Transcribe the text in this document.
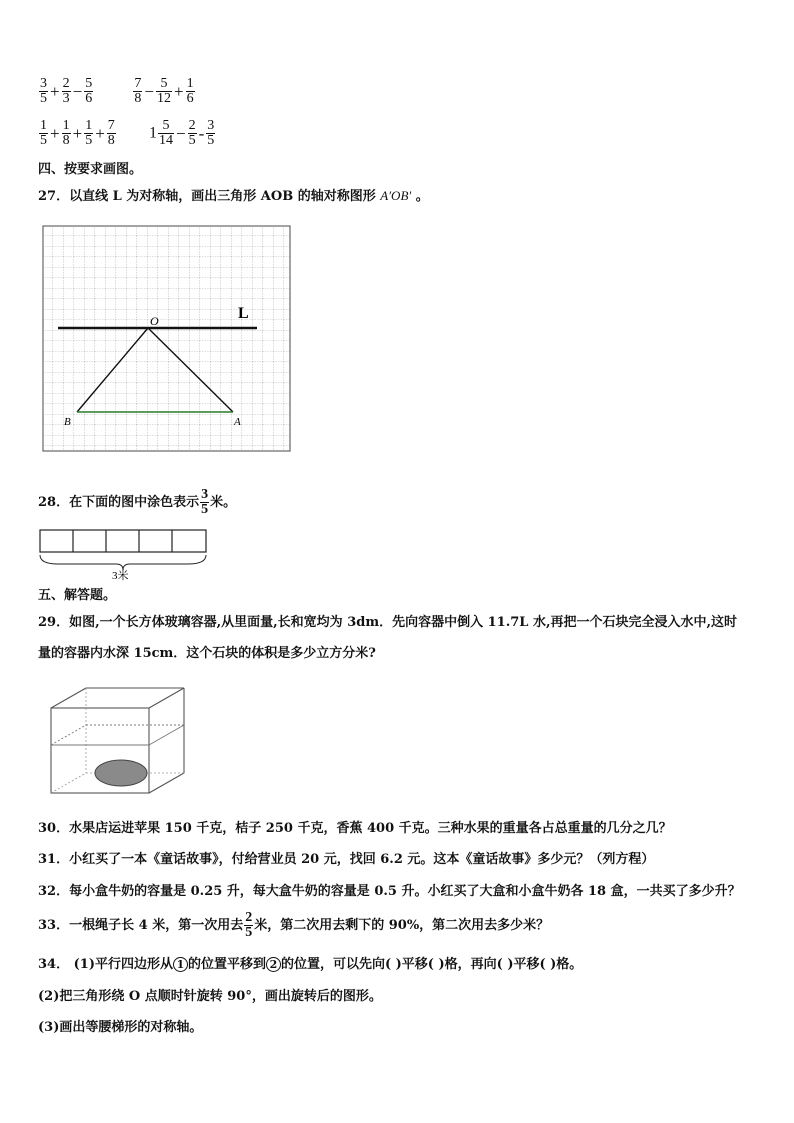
$\frac{3}{5} + \frac{2}{3} - \frac{5}{6}$
	$\frac{7}{8} - \frac{5}{12} + \frac{1}{6}$
$\frac{1}{5} + \frac{1}{8} + \frac{1}{5} + \frac{7}{8} 1 \frac{5}{14} - \frac{2}{5} - \frac{3}{5}$
四、按要求画图。
27．以直线 L 为对称轴，画出三角形 AOB 的轴对称图形 A′OB′ 。
L
O
B	A
28．在下面的图中涂色表示 $\frac{3}{5}$ 米。
3米
五、解答题。
29．如图,一个长方体玻璃容器,从里面量,长和宽均为 3dm．先向容器中倒入 11.7L 水,再把一个石块完全浸入水中,这时
量的容器内水深 15cm．这个石块的体积是多少立方分米?
30．水果店运进苹果 150 千克，桔子 250 千克，香蕉 400 千克。三种水果的重量各占总重量的几分之几？
31．小红买了一本《童话故事》，付给营业员 20 元，找回 6.2 元。这本《童话故事》多少元？（列方程）
32．每小盒牛奶的容量是 0.25 升，每大盒牛奶的容量是 0.5 升。小红买了大盒和小盒牛奶各 18 盒，一共买了多少升？
33．一根绳子长 4 米，第一次用去 $\frac{2}{5}$ 米，第二次用去剩下的 90%，第二次用去多少米？
34． (1)平行四边形从 1 的位置平移到 2 的位置，可以先向( )平移( )格，再向( )平移( )格。
(2)把三角形绕 O 点顺时针旋转 90°，画出旋转后的图形。
(3)画出等腰梯形的对称轴。
